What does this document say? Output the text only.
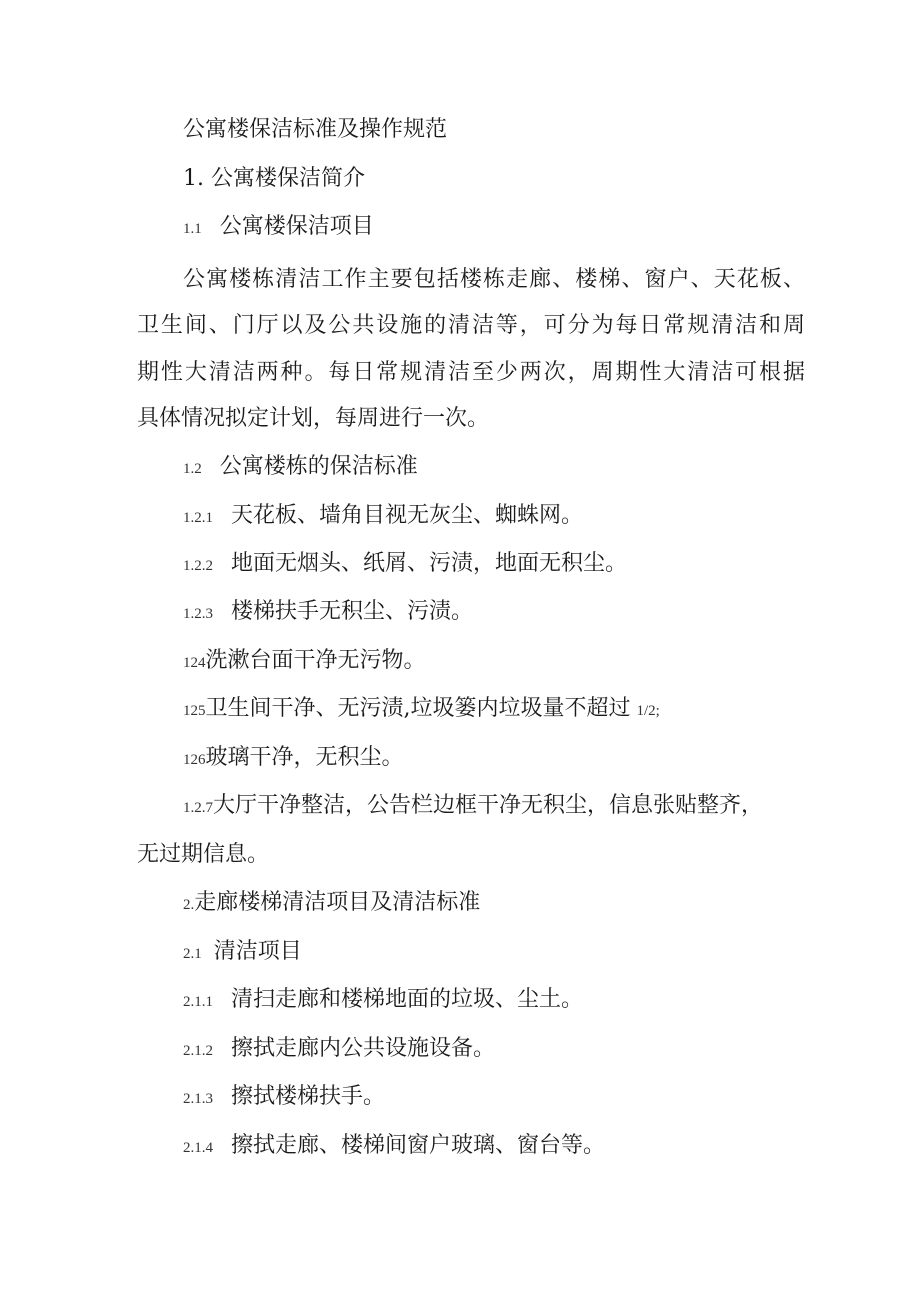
公寓楼保洁标准及操作规范
1. 公寓楼保洁简介
1.1 公寓楼保洁项目
公寓楼栋清洁工作主要包括楼栋走廊、楼梯、窗户、天花板、
卫生间、门厅以及公共设施的清洁等，可分为每日常规清洁和周
期性大清洁两种。每日常规清洁至少两次，周期性大清洁可根据
具体情况拟定计划，每周进行一次。
1.2 公寓楼栋的保洁标准
1.2.1 天花板、墙角目视无灰尘、蜘蛛网。
1.2.2 地面无烟头、纸屑、污渍，地面无积尘。
1.2.3 楼梯扶手无积尘、污渍。
124洗漱台面干净无污物。
125卫生间干净、无污渍,垃圾篓内垃圾量不超过 1/2;
126玻璃干净，无积尘。
1.2.7大厅干净整洁，公告栏边框干净无积尘，信息张贴整齐，
无过期信息。
2.走廊楼梯清洁项目及清洁标准
2.1 清洁项目
2.1.1 清扫走廊和楼梯地面的垃圾、尘土。
2.1.2 擦拭走廊内公共设施设备。
2.1.3 擦拭楼梯扶手。
2.1.4 擦拭走廊、楼梯间窗户玻璃、窗台等。
